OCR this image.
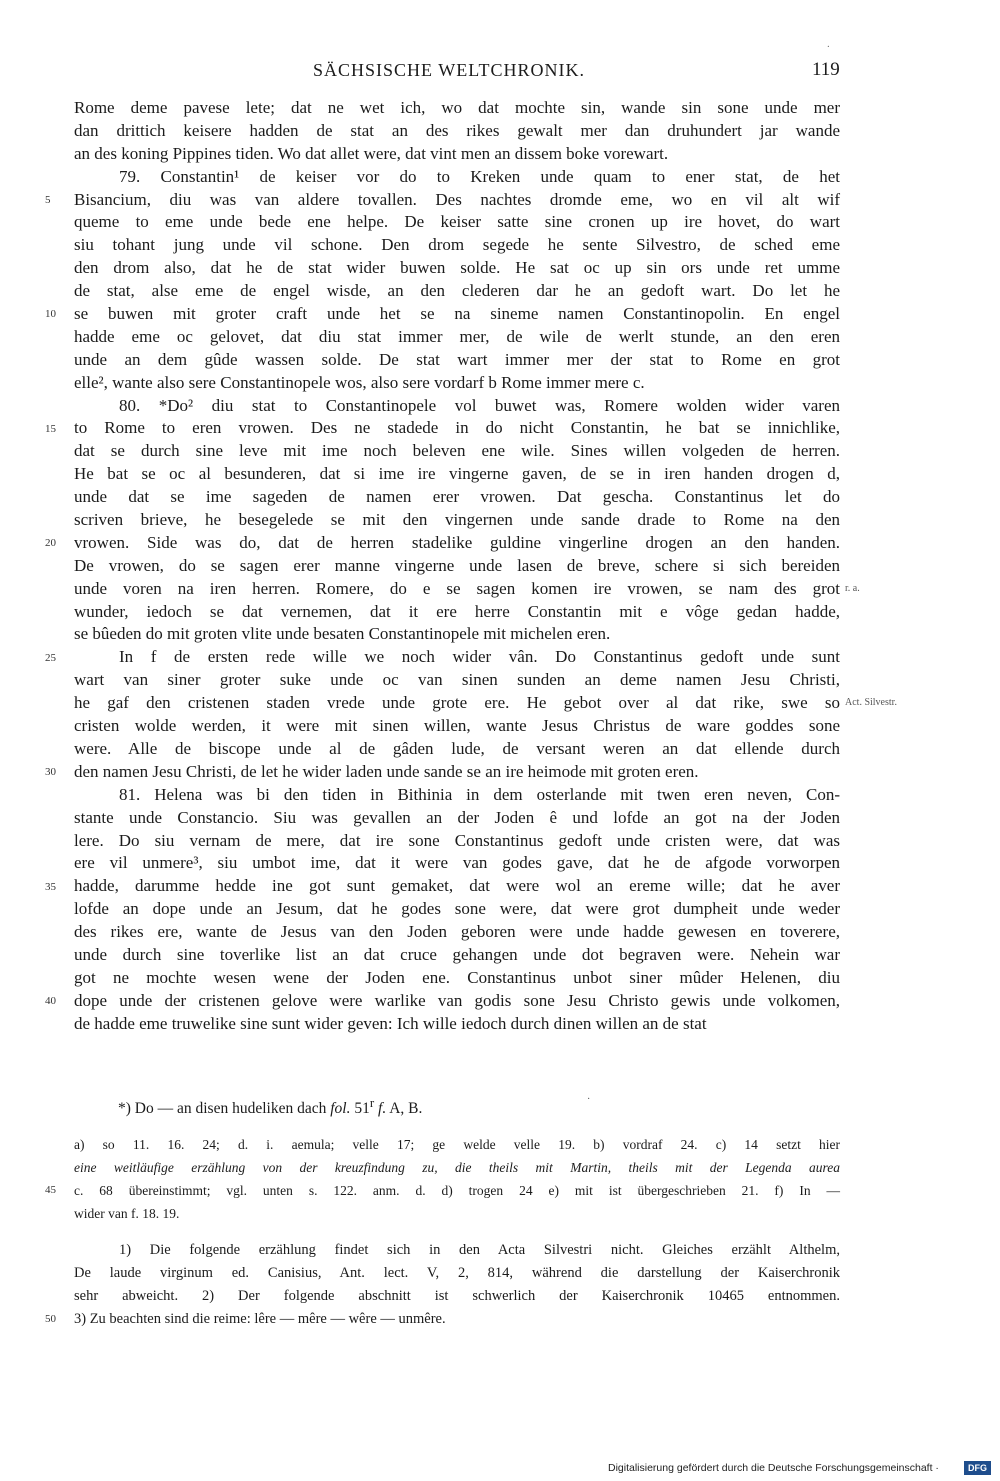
.
SÄCHSISCHE WELTCHRONIK.	119
Rome deme pavese lete; dat ne wet ich, wo dat mochte sin, wande sin sone unde mer
dan drittich keisere hadden de stat an des rikes gewalt mer dan druhundert jar wande
an des koning Pippines tiden. Wo dat allet were, dat vint men an dissem boke vorewart.
79. Constantin¹ de keiser vor do to Kreken unde quam to ener stat, de het
Bisancium, diu was van aldere tovallen. Des nachtes dromde eme, wo en vil alt wif
queme to eme unde bede ene helpe. De keiser satte sine cronen up ire hovet, do wart
siu tohant jung unde vil schone. Den drom segede he sente Silvestro, de sched eme
den drom also, dat he de stat wider buwen solde. He sat oc up sin ors unde ret umme
de stat, alse eme de engel wisde, an den clederen dar he an gedoft wart. Do let he
se buwen mit groter craft unde het se na sineme namen Constantinopolin. En engel
hadde eme oc gelovet, dat diu stat immer mer, de wile de werlt stunde, an den eren
unde an dem gûde wassen solde. De stat wart immer mer der stat to Rome en grot
elle², wante also sere Constantinopele wos, also sere vordarf b Rome immer mere c.
80. *Do² diu stat to Constantinopele vol buwet was, Romere wolden wider varen
to Rome to eren vrowen. Des ne stadede in do nicht Constantin, he bat se innichlike,
dat se durch sine leve mit ime noch beleven ene wile. Sines willen volgeden de herren.
He bat se oc al besunderen, dat si ime ire vingerne gaven, de se in iren handen drogen d,
unde dat se ime sageden de namen erer vrowen. Dat gescha. Constantinus let do
scriven brieve, he besegelede se mit den vingernen unde sande drade to Rome na den
vrowen. Side was do, dat de herren stadelike guldine vingerline drogen an den handen.
De vrowen, do se sagen erer manne vingerne unde lasen de breve, schere si sich bereiden
unde voren na iren herren. Romere, do e se sagen komen ire vrowen, se nam des grot
wunder, iedoch se dat vernemen, dat it ere herre Constantin mit e vôge gedan hadde,
se bûeden do mit groten vlite unde besaten Constantinopele mit michelen eren.
In f de ersten rede wille we noch wider vân. Do Constantinus gedoft unde sunt
wart van siner groter suke unde oc van sinen sunden an deme namen Jesu Christi,
he gaf den cristenen staden vrede unde grote ere. He gebot over al dat rike, swe so
cristen wolde werden, it were mit sinen willen, wante Jesus Christus de ware goddes sone
were. Alle de biscope unde al de gâden lude, de versant weren an dat ellende durch
den namen Jesu Christi, de let he wider laden unde sande se an ire heimode mit groten eren.
81. Helena was bi den tiden in Bithinia in dem osterlande mit twen eren neven, Con-
stante unde Constancio. Siu was gevallen an der Joden ê und lofde an got na der Joden
lere. Do siu vernam de mere, dat ire sone Constantinus gedoft unde cristen were, dat was
ere vil unmere³, siu umbot ime, dat it were van godes gave, dat he de afgode vorworpen
hadde, darumme hedde ine got sunt gemaket, dat were wol an ereme wille; dat he aver
lofde an dope unde an Jesum, dat he godes sone were, dat were grot dumpheit unde weder
des rikes ere, wante de Jesus van den Joden geboren were unde hadde gewesen en toverere,
unde durch sine toverlike list an dat cruce gehangen unde dot begraven were. Nehein war
got ne mochte wesen wene der Joden ene. Constantinus unbot siner mûder Helenen, diu
dope unde der cristenen gelove were warlike van godis sone Jesu Christo gewis unde volkomen,
de hadde eme truwelike sine sunt wider geven: Ich wille iedoch durch dinen willen an de stat
*) Do — an disen hudeliken dach fol. 51$^r$ f. A, B.
·
a) so 11. 16. 24; d. i. aemula; velle 17; ge welde velle 19. b) vordraf 24. c) 14 setzt hier
eine weitläufige erzählung von der kreuzfindung zu, die theils mit Martin, theils mit der Legenda aurea
c. 68 übereinstimmt; vgl. unten s. 122. anm. d. d) trogen 24 e) mit ist übergeschrieben 21. f) In —
wider van f. 18. 19.
1) Die folgende erzählung findet sich in den Acta Silvestri nicht. Gleiches erzählt Althelm,
De laude virginum ed. Canisius, Ant. lect. V, 2, 814, während die darstellung der Kaiserchronik
sehr abweicht. 2) Der folgende abschnitt ist schwerlich der Kaiserchronik 10465 entnommen.
3) Zu beachten sind die reime: lêre — mêre — wêre — unmêre.
Digitalisierung gefördert durch die Deutsche Forschungsgemeinschaft ·	DFG
5
10
15
20
r. a.
25
Act. Silvestr.
30
35
40
45
50
